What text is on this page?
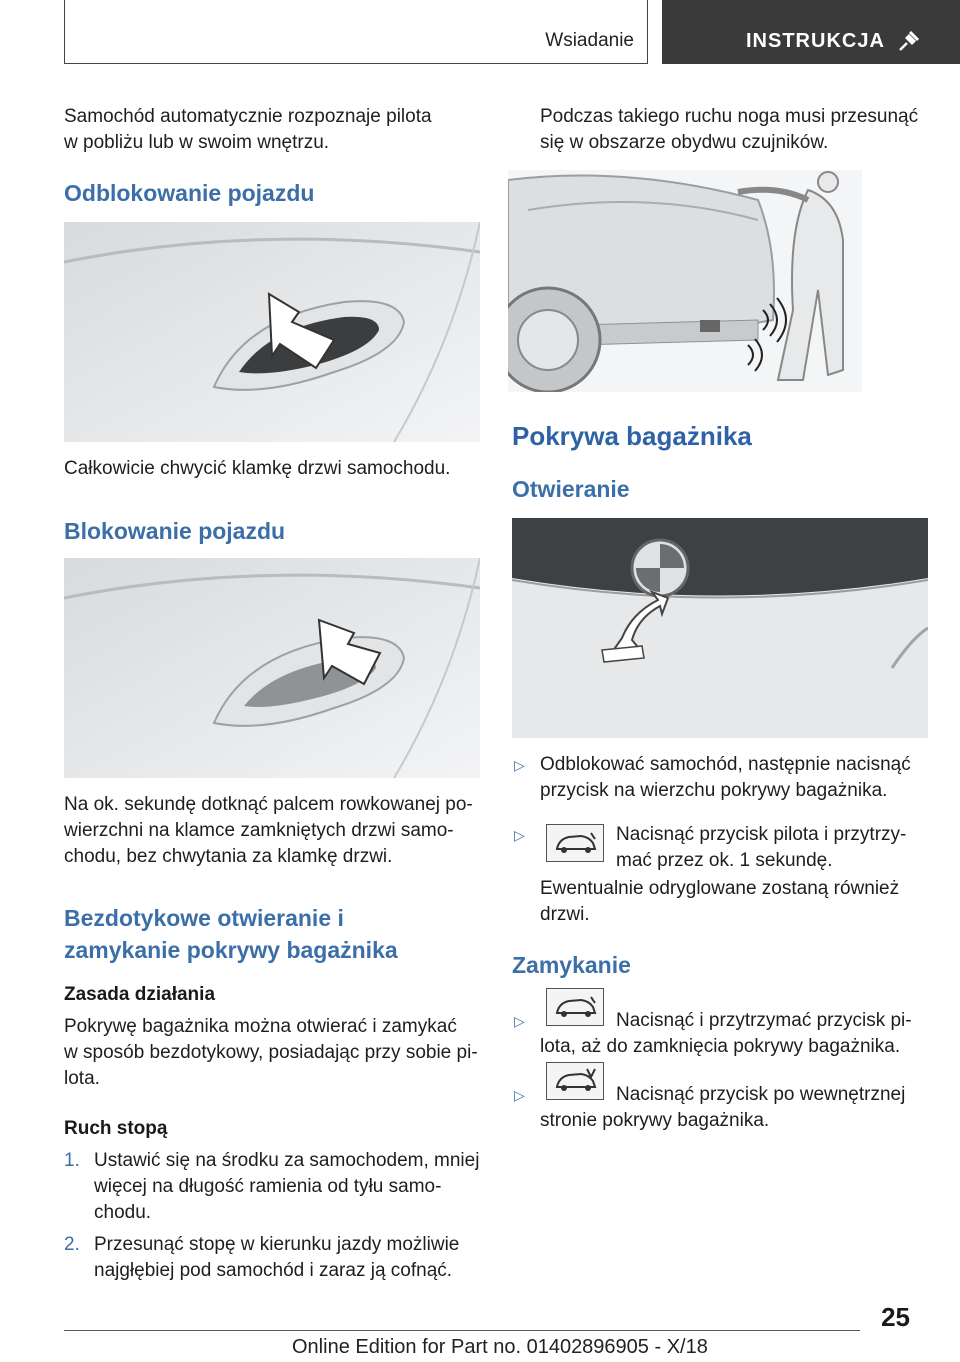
Wsiadanie	INSTRUKCJA
Samochód automatycznie rozpoznaje pilota
w pobliżu lub w swoim wnętrzu.
Odblokowanie pojazdu
Całkowicie chwycić klamkę drzwi samochodu.
Blokowanie pojazdu
Na ok. sekundę dotknąć palcem rowkowanej po-
wierzchni na klamce zamkniętych drzwi samo-
chodu, bez chwytania za klamkę drzwi.
Bezdotykowe otwieranie i
zamykanie pokrywy bagażnika
Zasada działania
Pokrywę bagażnika można otwierać i zamykać
w sposób bezdotykowy, posiadając przy sobie pi-
lota.
Ruch stopą
1. Ustawić się na środku za samochodem, mniej
więcej na długość ramienia od tyłu samo-
chodu.
2. Przesunąć stopę w kierunku jazdy możliwie
najgłębiej pod samochód i zaraz ją cofnąć.
Podczas takiego ruchu noga musi przesunąć
się w obszarze obydwu czujników.
Pokrywa bagażnika
Otwieranie
▷ Odblokować samochód, następnie nacisnąć
przycisk na wierzchu pokrywy bagażnika.
▷	Nacisnąć przycisk pilota i przytrzy-
mać przez ok. 1 sekundę.
Ewentualnie odryglowane zostaną również
drzwi.
Zamykanie
▷	Nacisnąć i przytrzymać przycisk pi-
lota, aż do zamknięcia pokrywy bagażnika.
▷	Nacisnąć przycisk po wewnętrznej
stronie pokrywy bagażnika.
25
Online Edition for Part no. 01402896905 - X/18
